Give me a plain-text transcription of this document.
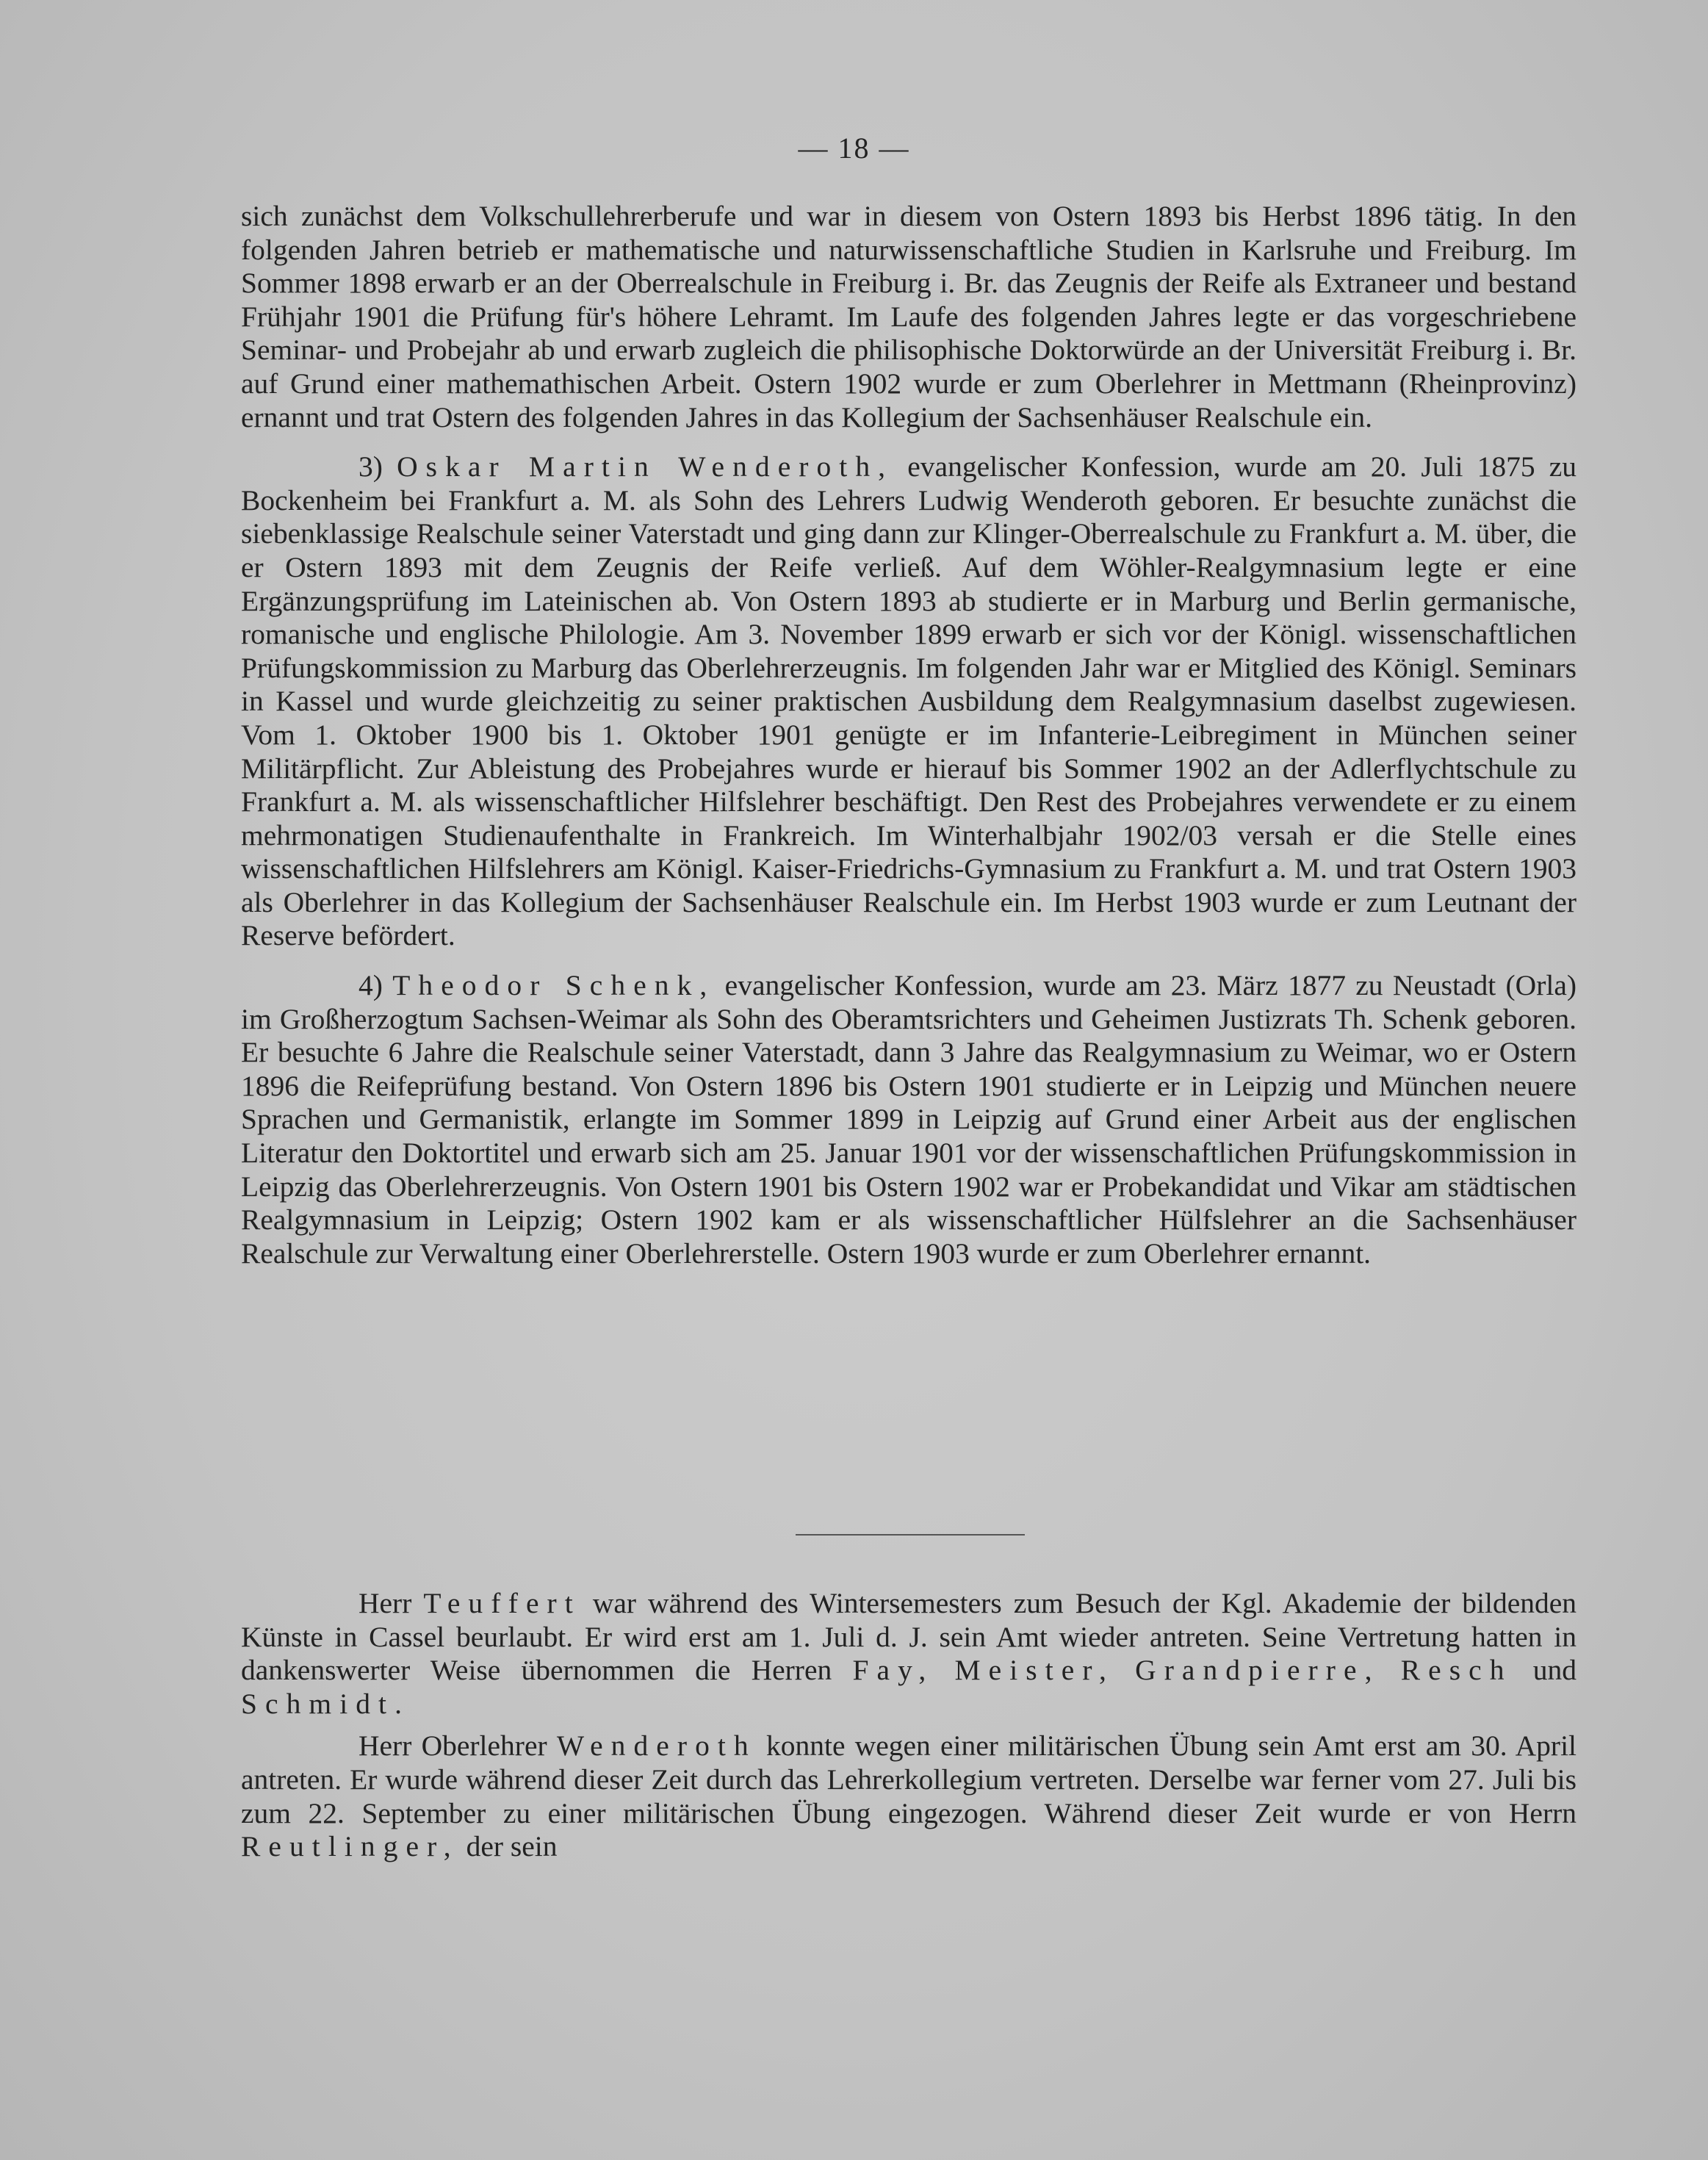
— 18 —

sich zunächst dem Volkschullehrerberufe und war in diesem von Ostern 1893 bis Herbst 1896 tätig. In den folgenden Jahren betrieb er mathematische und naturwissenschaftliche Studien in Karlsruhe und Freiburg. Im Sommer 1898 erwarb er an der Oberrealschule in Freiburg i. Br. das Zeugnis der Reife als Extraneer und bestand Frühjahr 1901 die Prüfung für's höhere Lehramt. Im Laufe des folgenden Jahres legte er das vorgeschriebene Seminar- und Probejahr ab und erwarb zugleich die philisophische Doktorwürde an der Universität Freiburg i. Br. auf Grund einer mathemathischen Arbeit. Ostern 1902 wurde er zum Oberlehrer in Mettmann (Rheinprovinz) ernannt und trat Ostern des folgenden Jahres in das Kollegium der Sachsenhäuser Realschule ein.

3) Oskar Martin Wenderoth, evangelischer Konfession, wurde am 20. Juli 1875 zu Bockenheim bei Frankfurt a. M. als Sohn des Lehrers Ludwig Wenderoth geboren. Er besuchte zunächst die siebenklassige Realschule seiner Vaterstadt und ging dann zur Klinger-Oberrealschule zu Frankfurt a. M. über, die er Ostern 1893 mit dem Zeugnis der Reife verließ. Auf dem Wöhler-Realgymnasium legte er eine Ergänzungsprüfung im Lateinischen ab. Von Ostern 1893 ab studierte er in Marburg und Berlin germanische, romanische und englische Philologie. Am 3. November 1899 erwarb er sich vor der Königl. wissenschaftlichen Prüfungskommission zu Marburg das Oberlehrerzeugnis. Im folgenden Jahr war er Mitglied des Königl. Seminars in Kassel und wurde gleichzeitig zu seiner praktischen Ausbildung dem Realgymnasium daselbst zugewiesen. Vom 1. Oktober 1900 bis 1. Oktober 1901 genügte er im Infanterie-Leibregiment in München seiner Militärpflicht. Zur Ableistung des Probejahres wurde er hierauf bis Sommer 1902 an der Adlerflychtschule zu Frankfurt a. M. als wissenschaftlicher Hilfslehrer beschäftigt. Den Rest des Probejahres verwendete er zu einem mehrmonatigen Studienaufenthalte in Frankreich. Im Winterhalbjahr 1902/03 versah er die Stelle eines wissenschaftlichen Hilfslehrers am Königl. Kaiser-Friedrichs-Gymnasium zu Frankfurt a. M. und trat Ostern 1903 als Oberlehrer in das Kollegium der Sachsenhäuser Realschule ein. Im Herbst 1903 wurde er zum Leutnant der Reserve befördert.

4) Theodor Schenk, evangelischer Konfession, wurde am 23. März 1877 zu Neustadt (Orla) im Großherzogtum Sachsen-Weimar als Sohn des Oberamtsrichters und Geheimen Justizrats Th. Schenk geboren. Er besuchte 6 Jahre die Realschule seiner Vaterstadt, dann 3 Jahre das Realgymnasium zu Weimar, wo er Ostern 1896 die Reifeprüfung bestand. Von Ostern 1896 bis Ostern 1901 studierte er in Leipzig und München neuere Sprachen und Germanistik, erlangte im Sommer 1899 in Leipzig auf Grund einer Arbeit aus der englischen Literatur den Doktortitel und erwarb sich am 25. Januar 1901 vor der wissenschaftlichen Prüfungskommission in Leipzig das Oberlehrerzeugnis. Von Ostern 1901 bis Ostern 1902 war er Probekandidat und Vikar am städtischen Realgymnasium in Leipzig; Ostern 1902 kam er als wissenschaftlicher Hülfslehrer an die Sachsenhäuser Realschule zur Verwaltung einer Oberlehrerstelle. Ostern 1903 wurde er zum Oberlehrer ernannt.

Herr Teuffert war während des Wintersemesters zum Besuch der Kgl. Akademie der bildenden Künste in Cassel beurlaubt. Er wird erst am 1. Juli d. J. sein Amt wieder antreten. Seine Vertretung hatten in dankenswerter Weise übernommen die Herren Fay, Meister, Grandpierre, Resch und Schmidt.

Herr Oberlehrer Wenderoth konnte wegen einer militärischen Übung sein Amt erst am 30. April antreten. Er wurde während dieser Zeit durch das Lehrerkollegium vertreten. Derselbe war ferner vom 27. Juli bis zum 22. September zu einer militärischen Übung eingezogen. Während dieser Zeit wurde er von Herrn Reutlinger, der sein
